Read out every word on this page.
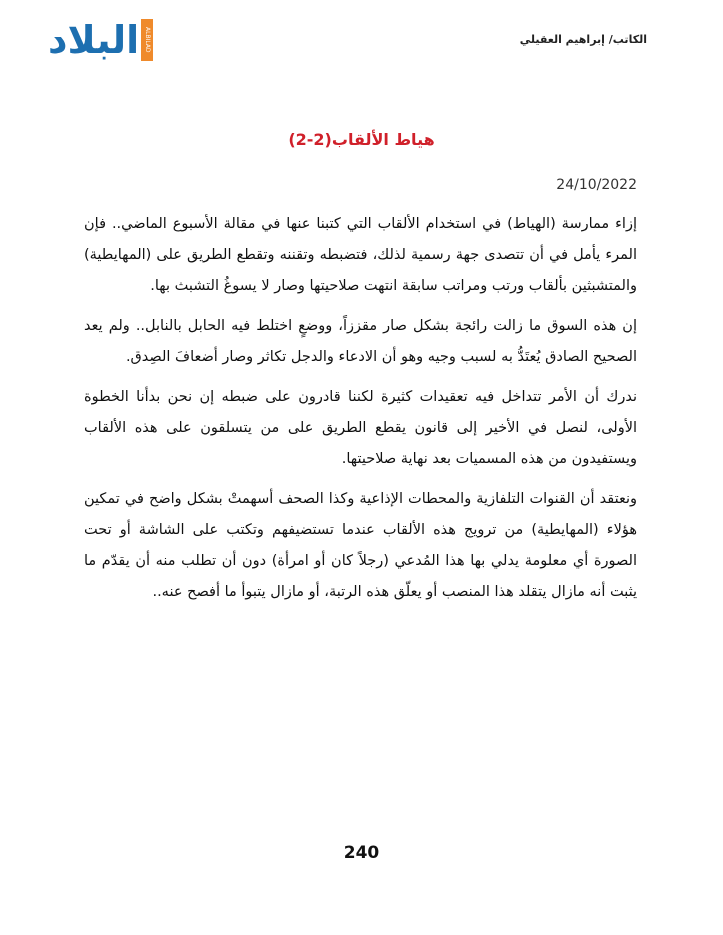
البلاد ALBILAD	الكاتب/ إبراهيم العقيلي
هياط الألقاب(2-2)
24/10/2022

إزاء ممارسة (الهياط) في استخدام الألقاب التي كتبنا عنها في مقالة الأسبوع الماضي.. فإن المرء يأمل في أن تتصدى جهة رسمية لذلك، فتضبطه وتقننه وتقطع الطريق على (المهايطية) والمتشبثين بألقاب ورتب ومراتب سابقة انتهت صلاحيتها وصار لا يسوغُ التشبث بها.

إن هذه السوق ما زالت رائجة بشكل صار مقززاً، ووضعٍ اختلط فيه الحابل بالنابل.. ولم يعد الصحيح الصادق يُعتَدُّ به لسبب وجيه وهو أن الادعاء والدجل تكاثر وصار أضعافَ الصِدق.

ندرك أن الأمر تتداخل فيه تعقيدات كثيرة لكننا قادرون على ضبطه إن نحن بدأنا الخطوة الأولى، لنصل في الأخير إلى قانون يقطع الطريق على من يتسلقون على هذه الألقاب ويستفيدون من هذه المسميات بعد نهاية صلاحيتها.

ونعتقد أن القنوات التلفازية والمحطات الإذاعية وكذا الصحف أسهمتْ بشكل واضح في تمكين هؤلاء (المهايطية) من ترويج هذه الألقاب عندما تستضيفهم وتكتب على الشاشة أو تحت الصورة أي معلومة يدلي بها هذا المُدعي (رجلاً كان أو امرأة) دون أن تطلب منه أن يقدّم ما يثبت أنه مازال يتقلد هذا المنصب أو يعلّق هذه الرتبة، أو مازال يتبوأ ما أفصح عنه..

240
